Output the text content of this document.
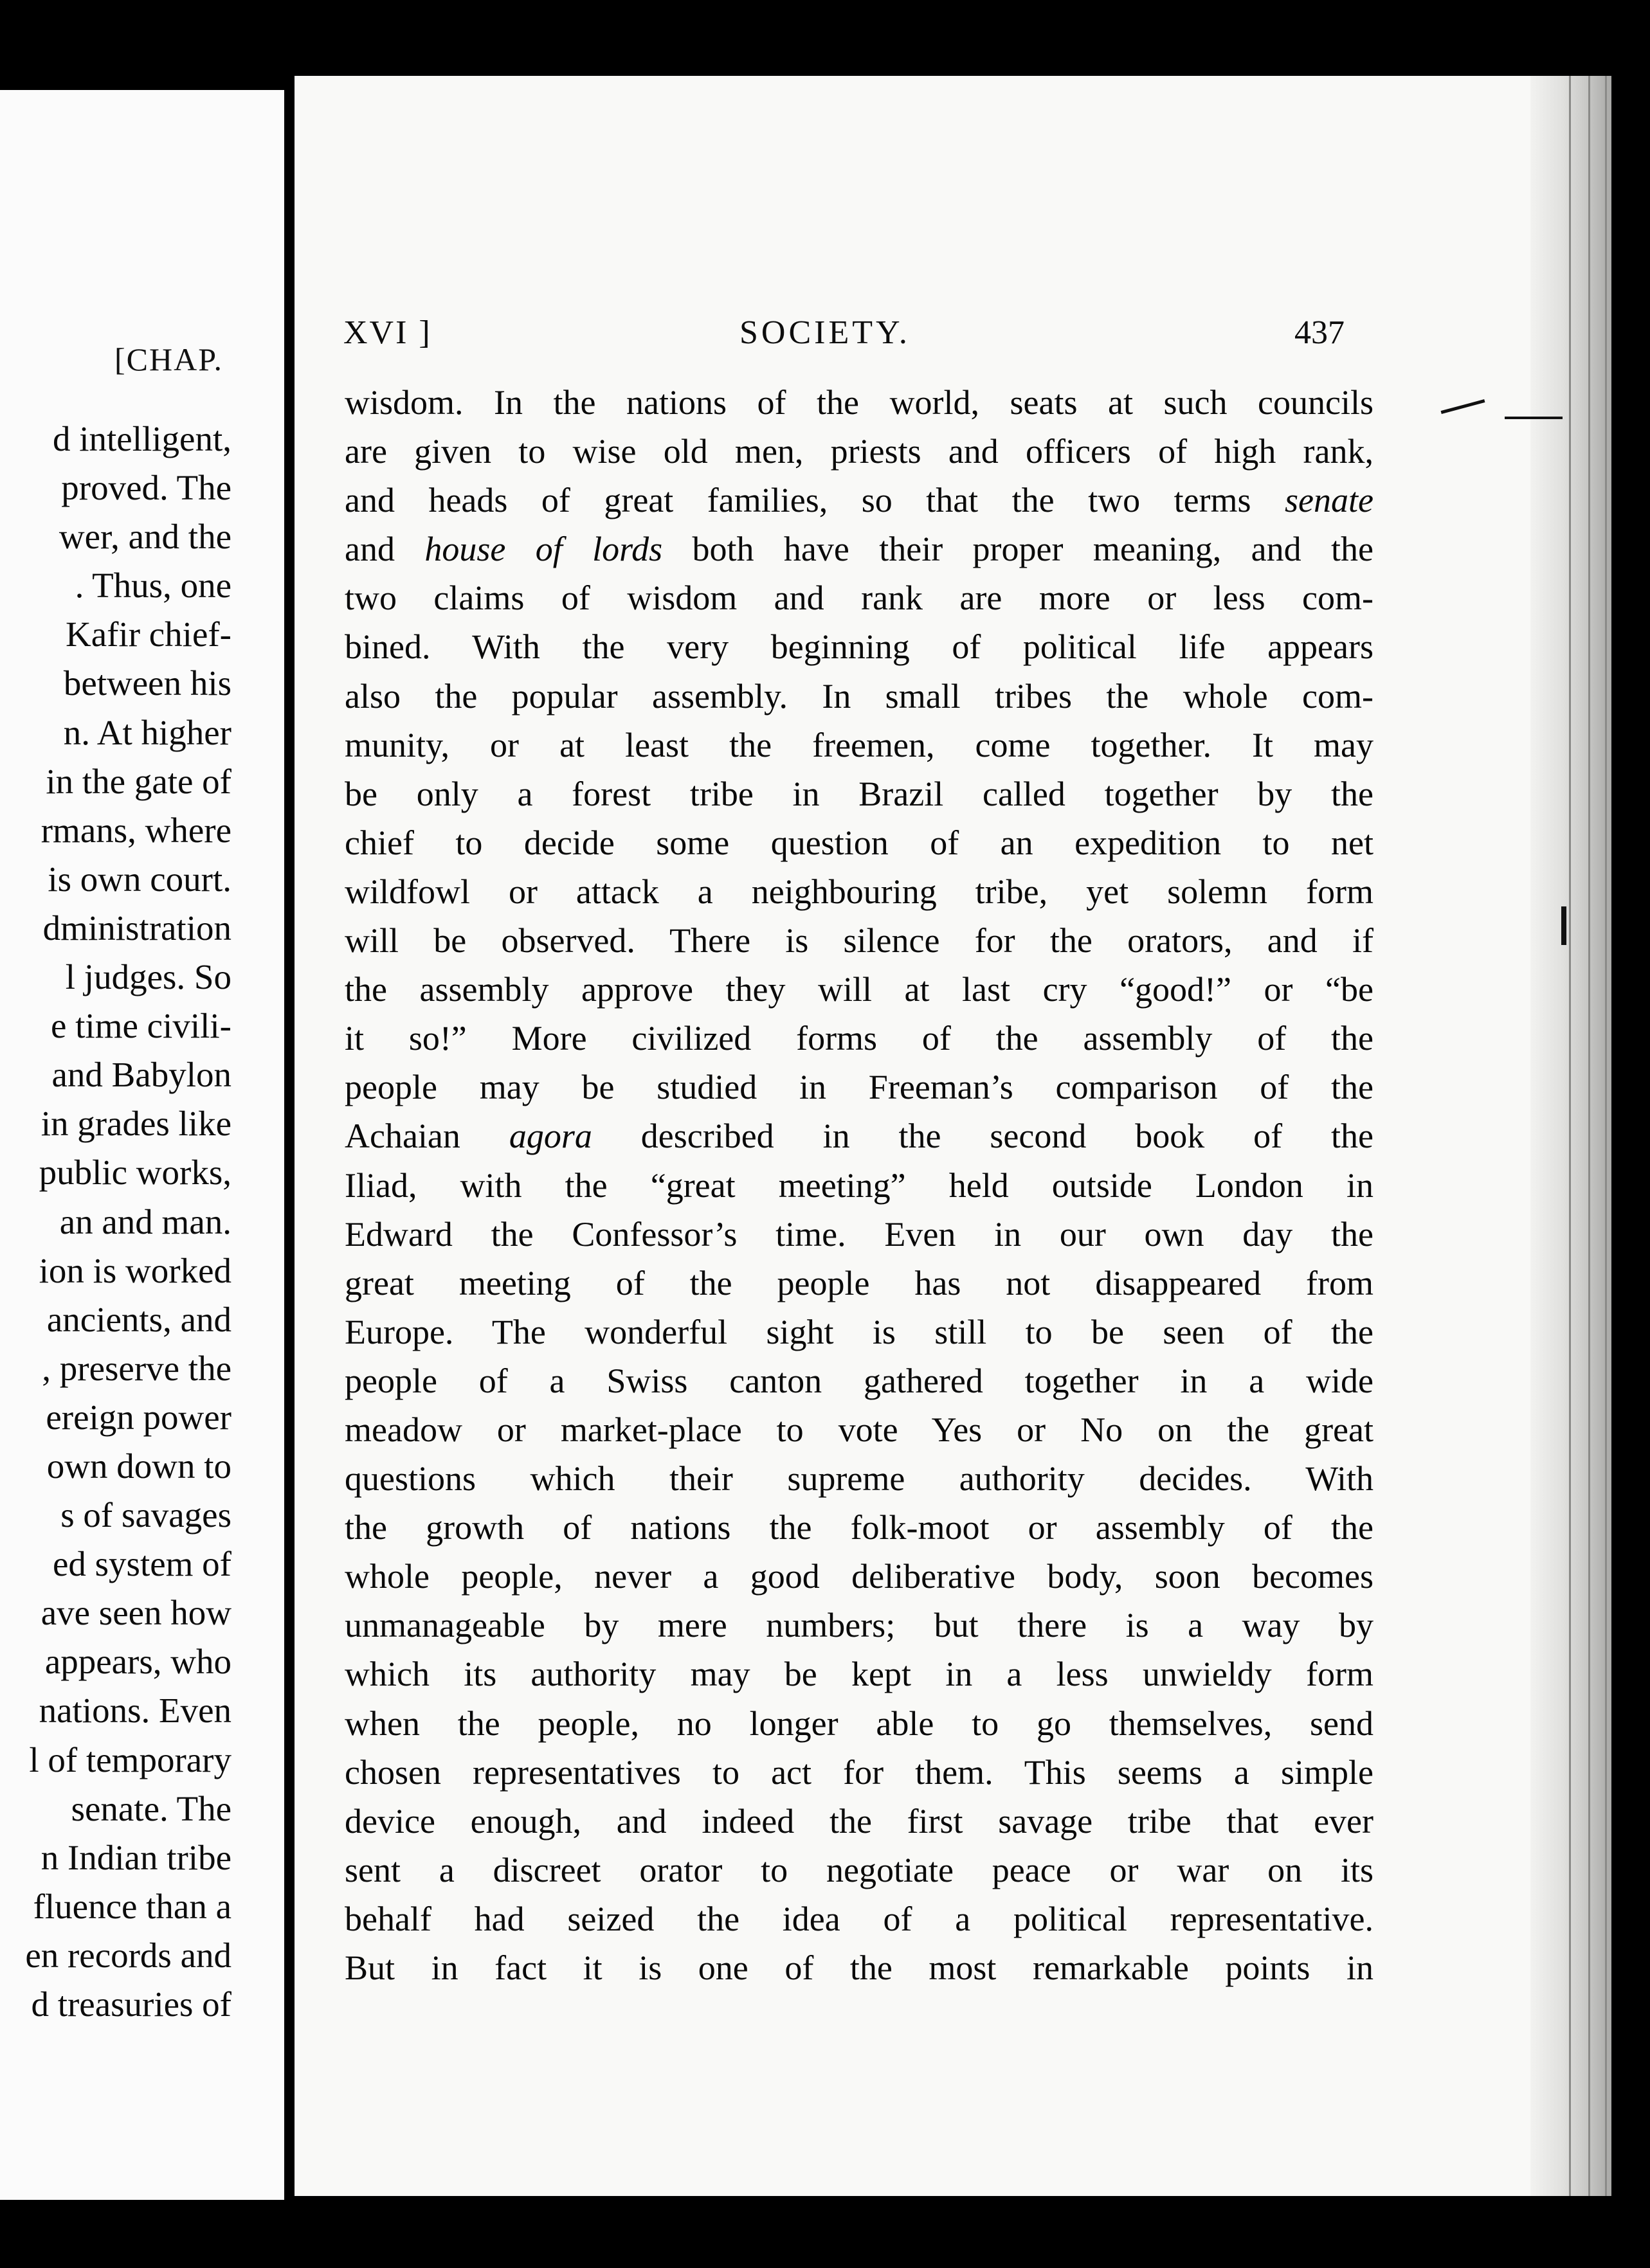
[CHAP.
d intelligent,
proved. The
wer, and the
. Thus, one
Kafir chief-
between his
n. At higher
in the gate of
rmans, where
is own court.
dministration
l judges. So
e time civili-
and Babylon
in grades like
public works,
an and man.
ion is worked
ancients, and
, preserve the
ereign power
own down to
s of savages
ed system of
ave seen how
appears, who
nations. Even
l of temporary
senate. The
n Indian tribe
fluence than a
en records and
d treasuries of
XVI ]	SOCIETY.	437
wisdom. In the nations of the world, seats at such councils
are given to wise old men, priests and officers of high rank,
and heads of great families, so that the two terms senate
and house of lords both have their proper meaning, and the
two claims of wisdom and rank are more or less com-
bined. With the very beginning of political life appears
also the popular assembly. In small tribes the whole com-
munity, or at least the freemen, come together. It may
be only a forest tribe in Brazil called together by the
chief to decide some question of an expedition to net
wildfowl or attack a neighbouring tribe, yet solemn form
will be observed. There is silence for the orators, and if
the assembly approve they will at last cry “good!” or “be
it so!” More civilized forms of the assembly of the
people may be studied in Freeman’s comparison of the
Achaian agora described in the second book of the
Iliad, with the “great meeting” held outside London in
Edward the Confessor’s time. Even in our own day the
great meeting of the people has not disappeared from
Europe. The wonderful sight is still to be seen of the
people of a Swiss canton gathered together in a wide
meadow or market-place to vote Yes or No on the great
questions which their supreme authority decides. With
the growth of nations the folk-moot or assembly of the
whole people, never a good deliberative body, soon becomes
unmanageable by mere numbers; but there is a way by
which its authority may be kept in a less unwieldy form
when the people, no longer able to go themselves, send
chosen representatives to act for them. This seems a simple
device enough, and indeed the first savage tribe that ever
sent a discreet orator to negotiate peace or war on its
behalf had seized the idea of a political representative.
But in fact it is one of the most remarkable points in
